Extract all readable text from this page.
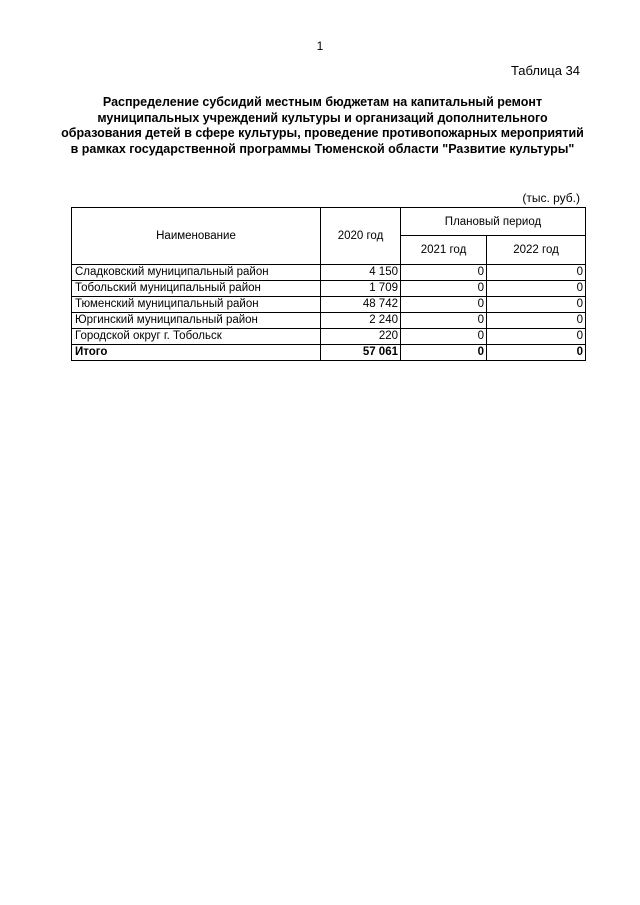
1
Таблица 34
Распределение субсидий местным бюджетам на капитальный ремонт муниципальных учреждений культуры и организаций дополнительного образования детей в сфере культуры, проведение противопожарных мероприятий в рамках государственной программы Тюменской области "Развитие культуры"
(тыс. руб.)
Наименование	2020 год	Плановый период	
		2021 год	2022 год
Сладковский муниципальный район	4 150	0	0
Тобольский муниципальный район	1 709	0	0
Тюменский муниципальный район	48 742	0	0
Юргинский муниципальный район	2 240	0	0
Городской округ г. Тобольск	220	0	0
Итого	57 061	0	0
